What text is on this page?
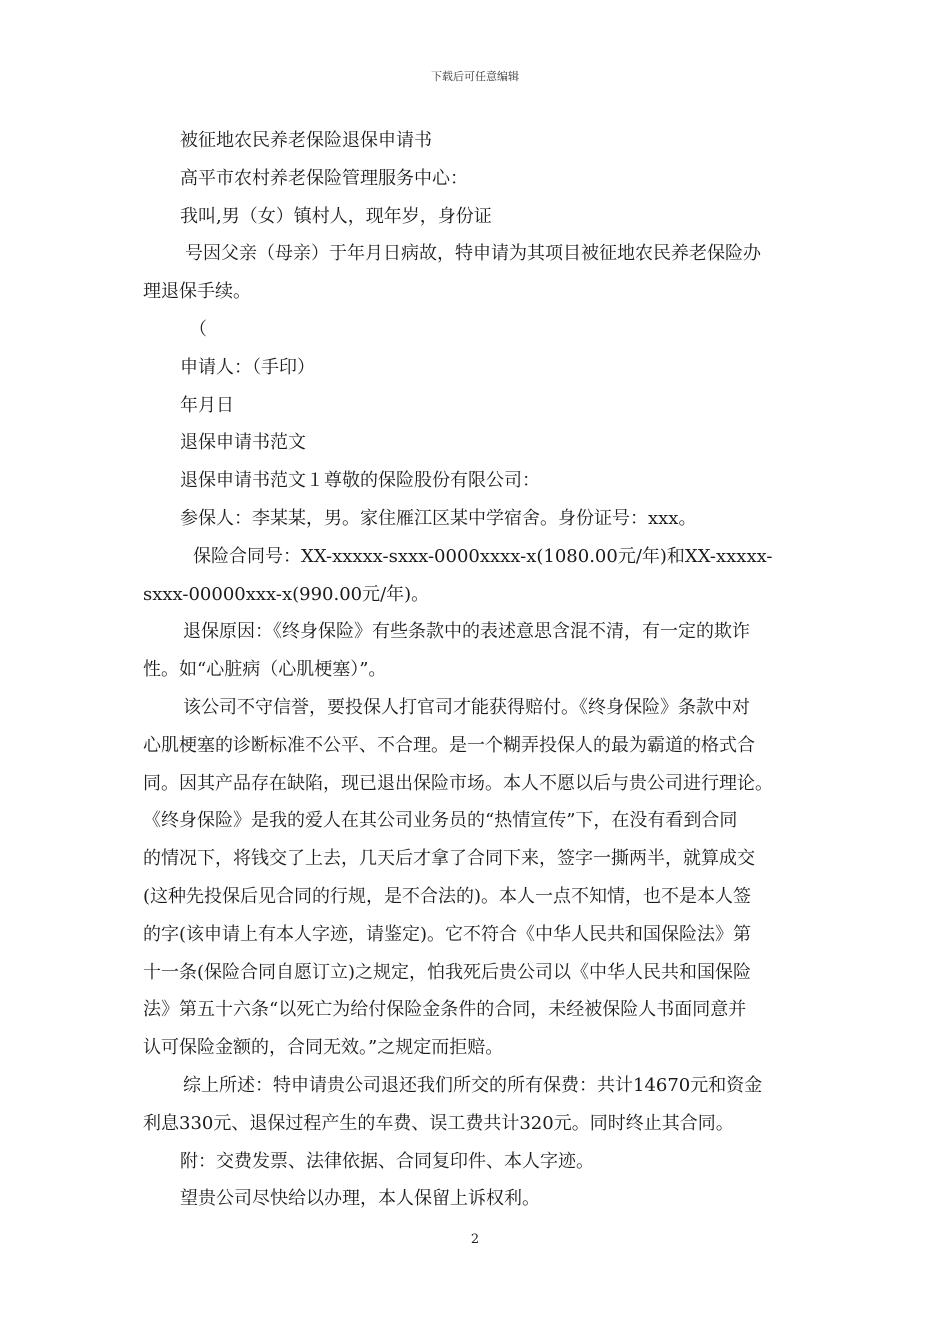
下载后可任意编辑

被征地农民养老保险退保申请书

高平市农村养老保险管理服务中心：

我叫,男（女）镇村人，现年岁，身份证

号因父亲（母亲）于年月日病故，特申请为其项目被征地农民养老保险办

理退保手续。

（

申请人：（手印）

年月日

退保申请书范文

退保申请书范文１尊敬的保险股份有限公司：

参保人：李某某，男。家住雁江区某中学宿舍。身份证号：xxx。

保险合同号：XX-xxxxx-sxxx-0000xxxx-x(1080.00元/年)和XX-xxxxx-

sxxx-00000xxx-x(990.00元/年)。

退保原因：《终身保险》有些条款中的表述意思含混不清，有一定的欺诈

性。如“心脏病（心肌梗塞）”。

该公司不守信誉，要投保人打官司才能获得赔付。《终身保险》条款中对

心肌梗塞的诊断标准不公平、不合理。是一个糊弄投保人的最为霸道的格式合

同。因其产品存在缺陷，现已退出保险市场。本人不愿以后与贵公司进行理论。

《终身保险》是我的爱人在其公司业务员的“热情宣传”下，在没有看到合同

的情况下，将钱交了上去，几天后才拿了合同下来，签字一撕两半，就算成交

(这种先投保后见合同的行规，是不合法的)。本人一点不知情，也不是本人签

的字(该申请上有本人字迹，请鉴定)。它不符合《中华人民共和国保险法》第

十一条(保险合同自愿订立)之规定，怕我死后贵公司以《中华人民共和国保险

法》第五十六条“以死亡为给付保险金条件的合同，未经被保险人书面同意并

认可保险金额的，合同无效。”之规定而拒赔。

综上所述：特申请贵公司退还我们所交的所有保费：共计14670元和资金

利息330元、退保过程产生的车费、误工费共计320元。同时终止其合同。

附：交费发票、法律依据、合同复印件、本人字迹。

望贵公司尽快给以办理，本人保留上诉权利。

2
